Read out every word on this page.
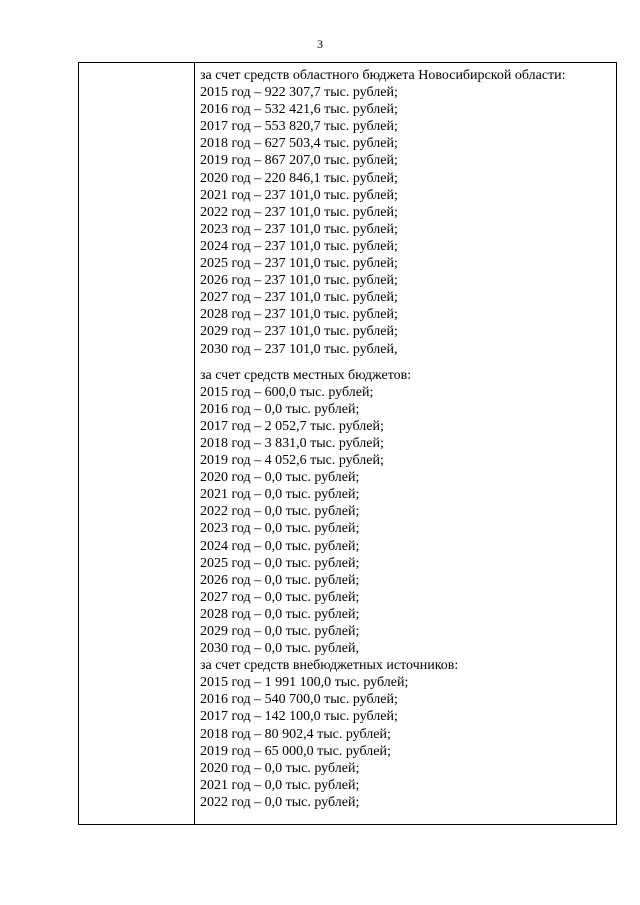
3
за счет средств областного бюджета Новосибирской области:
2015 год – 922 307,7 тыс. рублей;
2016 год – 532 421,6 тыс. рублей;
2017 год – 553 820,7 тыс. рублей;
2018 год – 627 503,4 тыс. рублей;
2019 год – 867 207,0 тыс. рублей;
2020 год – 220 846,1 тыс. рублей;
2021 год – 237 101,0 тыс. рублей;
2022 год – 237 101,0 тыс. рублей;
2023 год – 237 101,0 тыс. рублей;
2024 год – 237 101,0 тыс. рублей;
2025 год – 237 101,0 тыс. рублей;
2026 год – 237 101,0 тыс. рублей;
2027 год – 237 101,0 тыс. рублей;
2028 год – 237 101,0 тыс. рублей;
2029 год – 237 101,0 тыс. рублей;
2030 год – 237 101,0 тыс. рублей,
за счет средств местных бюджетов:
2015 год – 600,0 тыс. рублей;
2016 год – 0,0 тыс. рублей;
2017 год – 2 052,7 тыс. рублей;
2018 год – 3 831,0 тыс. рублей;
2019 год – 4 052,6 тыс. рублей;
2020 год – 0,0 тыс. рублей;
2021 год – 0,0 тыс. рублей;
2022 год – 0,0 тыс. рублей;
2023 год – 0,0 тыс. рублей;
2024 год – 0,0 тыс. рублей;
2025 год – 0,0 тыс. рублей;
2026 год – 0,0 тыс. рублей;
2027 год – 0,0 тыс. рублей;
2028 год – 0,0 тыс. рублей;
2029 год – 0,0 тыс. рублей;
2030 год – 0,0 тыс. рублей,
за счет средств внебюджетных источников:
2015 год – 1 991 100,0 тыс. рублей;
2016 год – 540 700,0 тыс. рублей;
2017 год – 142 100,0 тыс. рублей;
2018 год – 80 902,4 тыс. рублей;
2019 год – 65 000,0 тыс. рублей;
2020 год – 0,0 тыс. рублей;
2021 год – 0,0 тыс. рублей;
2022 год – 0,0 тыс. рублей;
